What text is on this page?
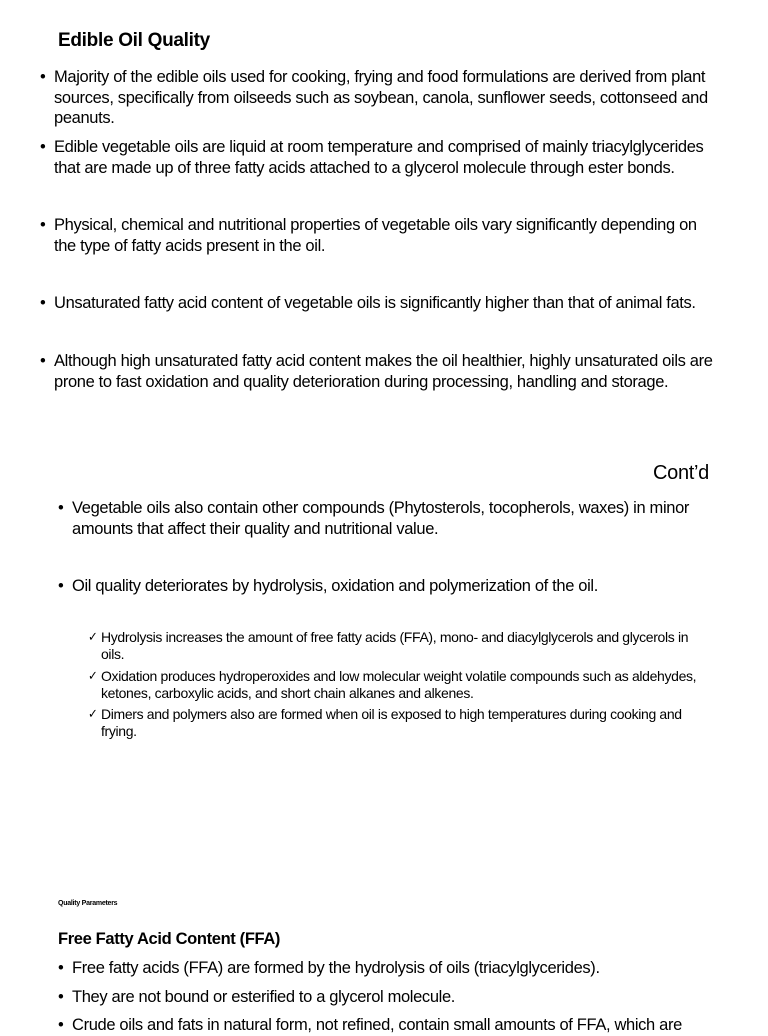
Edible Oil Quality
• Majority of the edible oils used for cooking, frying and food formulations are derived from plant sources, specifically from oilseeds such as soybean, canola, sunflower seeds, cottonseed and peanuts.
• Edible vegetable oils are liquid at room temperature and comprised of mainly triacylglycerides that are made up of three fatty acids attached to a glycerol molecule through ester bonds.
• Physical, chemical and nutritional properties of vegetable oils vary significantly depending on the type of fatty acids present in the oil.
• Unsaturated fatty acid content of vegetable oils is significantly higher than that of animal fats.
• Although high unsaturated fatty acid content makes the oil healthier, highly unsaturated oils are prone to fast oxidation and quality deterioration during processing, handling and storage.
Cont’d
• Vegetable oils also contain other compounds (Phytosterols, tocopherols, waxes) in minor amounts that affect their quality and nutritional value.
• Oil quality deteriorates by hydrolysis, oxidation and polymerization of the oil.
✓ Hydrolysis increases the amount of free fatty acids (FFA), mono- and diacylglycerols and glycerols in oils.
✓ Oxidation produces hydroperoxides and low molecular weight volatile compounds such as aldehydes, ketones, carboxylic acids, and short chain alkanes and alkenes.
✓ Dimers and polymers also are formed when oil is exposed to high temperatures during cooking and frying.
Quality Parameters
Free Fatty Acid Content (FFA)
• Free fatty acids (FFA) are formed by the hydrolysis of oils (triacylglycerides).
• They are not bound or esterified to a glycerol molecule.
• Crude oils and fats in natural form, not refined, contain small amounts of FFA, which are
